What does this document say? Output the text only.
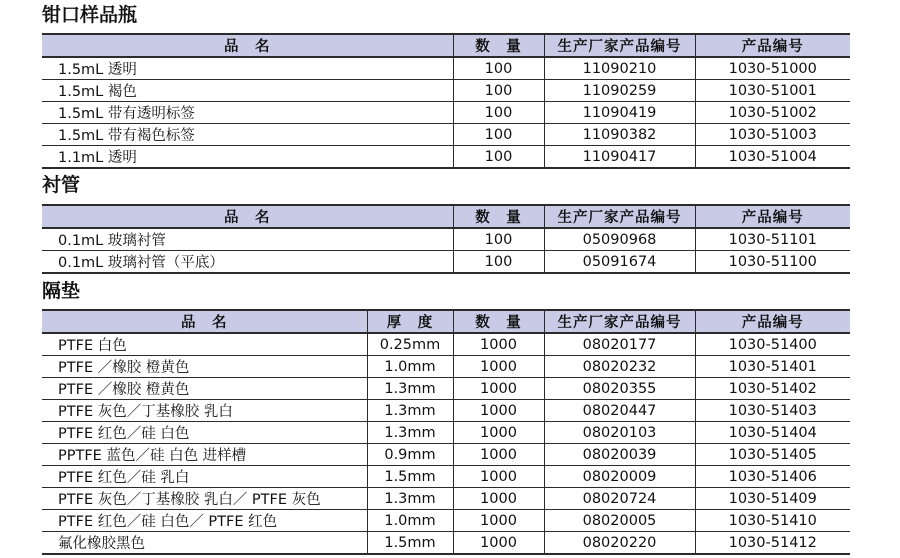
钳口样品瓶
品　名	数　量	生产厂家产品编号	产品编号
1.5mL 透明	100	11090210	1030-51000
1.5mL 褐色	100	11090259	1030-51001
1.5mL 带有透明标签	100	11090419	1030-51002
1.5mL 带有褐色标签	100	11090382	1030-51003
1.1mL 透明	100	11090417	1030-51004
衬管
品　名	数　量	生产厂家产品编号	产品编号
0.1mL 玻璃衬管	100	05090968	1030-51101
0.1mL 玻璃衬管（平底）	100	05091674	1030-51100
隔垫
品　名	厚　度	数　量	生产厂家产品编号	产品编号
PTFE 白色	0.25mm	1000	08020177	1030-51400
PTFE ／橡胶 橙黄色	1.0mm	1000	08020232	1030-51401
PTFE ／橡胶 橙黄色	1.3mm	1000	08020355	1030-51402
PTFE 灰色／丁基橡胶 乳白	1.3mm	1000	08020447	1030-51403
PTFE 红色／硅 白色	1.3mm	1000	08020103	1030-51404
PPTFE 蓝色／硅 白色 进样槽	0.9mm	1000	08020039	1030-51405
PTFE 红色／硅 乳白	1.5mm	1000	08020009	1030-51406
PTFE 灰色／丁基橡胶 乳白／ PTFE 灰色	1.3mm	1000	08020724	1030-51409
PTFE 红色／硅 白色／ PTFE 红色	1.0mm	1000	08020005	1030-51410
氟化橡胶黑色	1.5mm	1000	08020220	1030-51412
